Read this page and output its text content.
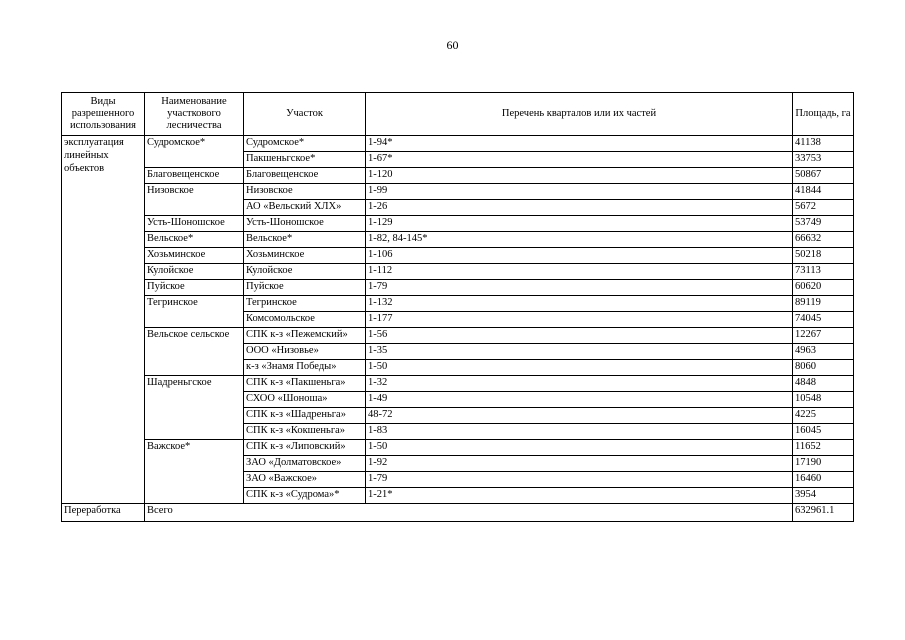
60
Виды разрешенного использования	Наименование участкового лесничества	Участок	Перечень кварталов или их частей	Площадь, га
эксплуатация линейных объектов	Судромское*	Судромское*	1-94*	41138
		Пакшеньгское*	1-67*	33753
	Благовещенское	Благовещенское	1-120	50867
	Низовское	Низовское	1-99	41844
		АО «Вельский ХЛХ»	1-26	5672
	Усть-Шоношское	Усть-Шоношское	1-129	53749
	Вельское*	Вельское*	1-82, 84-145*	66632
	Хозьминское	Хозьминское	1-106	50218
	Кулойское	Кулойское	1-112	73113
	Пуйское	Пуйское	1-79	60620
	Тегринское	Тегринское	1-132	89119
		Комсомольское	1-177	74045
	Вельское сельское	СПК к-з «Пежемский»	1-56	12267
		ООО «Низовье»	1-35	4963
		к-з «Знамя Победы»	1-50	8060
	Шадреньгское	СПК к-з «Пакшеньга»	1-32	4848
		СХОО «Шоноша»	1-49	10548
		СПК к-з «Шадреньга»	48-72	4225
		СПК к-з «Кокшеньга»	1-83	16045
	Важское*	СПК к-з «Липовский»	1-50	11652
		ЗАО «Долматовское»	1-92	17190
		ЗАО «Важское»	1-79	16460
		СПК к-з «Судрома»*	1-21*	3954
Переработка	Всего			632961.1
